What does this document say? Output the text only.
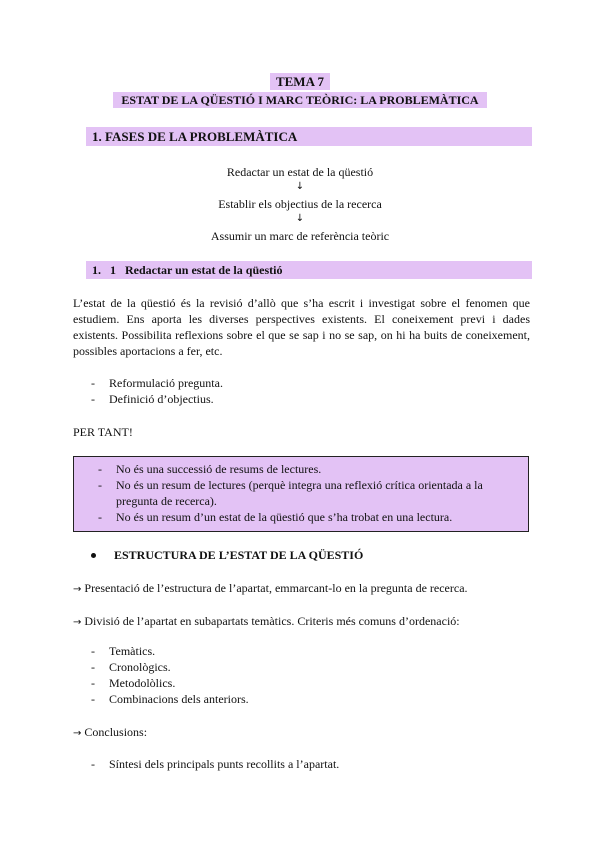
TEMA 7
ESTAT DE LA QÜESTIÓ I MARC TEÒRIC: LA PROBLEMÀTICA
1. FASES DE LA PROBLEMÀTICA
Redactar un estat de la qüestió
↓
Establir els objectius de la recerca
↓
Assumir un marc de referència teòric
1.   1   Redactar un estat de la qüestió
L’estat de la qüestió és la revisió d’allò que s’ha escrit i investigat sobre el fenomen que estudiem. Ens aporta les diverses perspectives existents. El coneixement previ i dades existents. Possibilita reflexions sobre el que se sap i no se sap, on hi ha buits de coneixement, possibles aportacions a fer, etc.
- Reformulació pregunta.
- Definició d’objectius.
PER TANT!
- No és una successió de resums de lectures.
- No és un resum de lectures (perquè integra una reflexió crítica orientada a la pregunta de recerca).
- No és un resum d’un estat de la qüestió que s’ha trobat en una lectura.
ESTRUCTURA DE L’ESTAT DE LA QÜESTIÓ
→ Presentació de l’estructura de l’apartat, emmarcant-lo en la pregunta de recerca.
→ Divisió de l’apartat en subapartats temàtics. Criteris més comuns d’ordenació:
- Temàtics.
- Cronològics.
- Metodolòlics.
- Combinacions dels anteriors.
→ Conclusions:
- Síntesi dels principals punts recollits a l’apartat.
